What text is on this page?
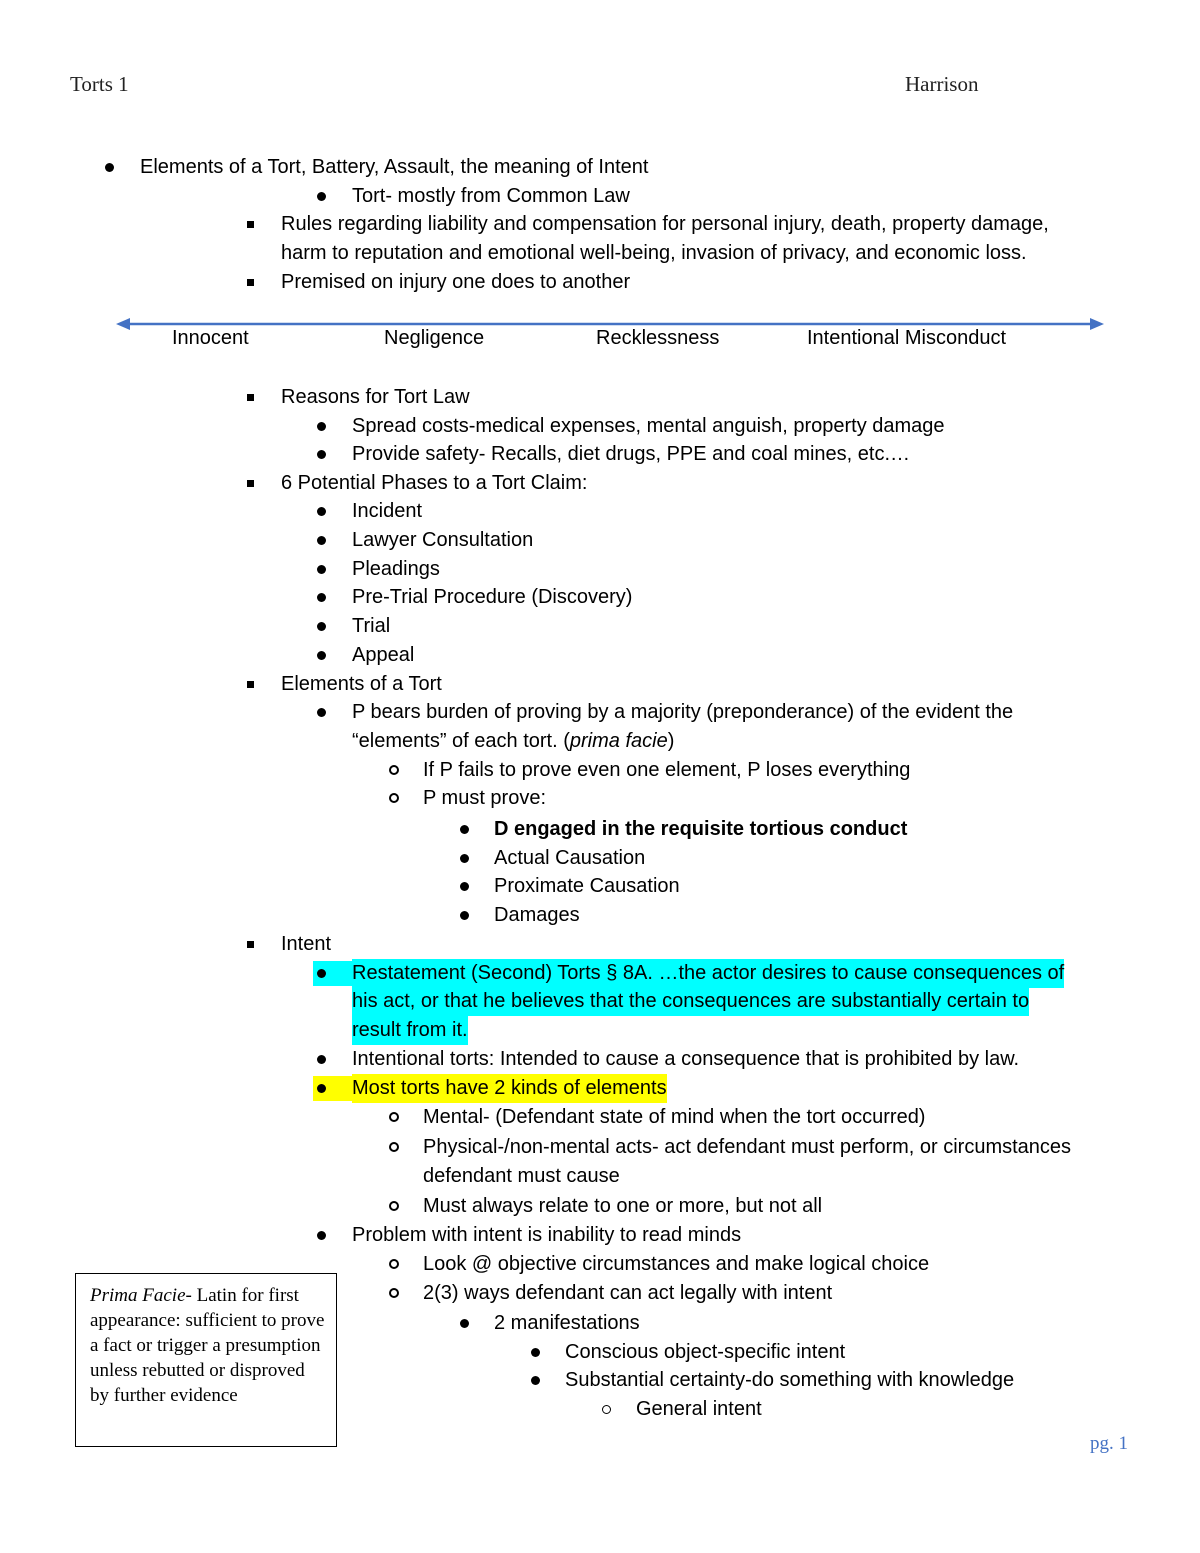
Torts 1	Harrison
Elements of a Tort, Battery, Assault, the meaning of Intent
Tort- mostly from Common Law
Rules regarding liability and compensation for personal injury, death, property damage,
harm to reputation and emotional well-being, invasion of privacy, and economic loss.
Premised on injury one does to another
Reasons for Tort Law
Spread costs-medical expenses, mental anguish, property damage
Provide safety- Recalls, diet drugs, PPE and coal mines, etc.…
6 Potential Phases to a Tort Claim:
Incident
Lawyer Consultation
Pleadings
Pre-Trial Procedure (Discovery)
Trial
Appeal
Elements of a Tort
P bears burden of proving by a majority (preponderance) of the evident the
“elements” of each tort. (prima facie)
If P fails to prove even one element, P loses everything
P must prove:
D engaged in the requisite tortious conduct
Actual Causation
Proximate Causation
Damages
Intent
Restatement (Second) Torts § 8A. …the actor desires to cause consequences of
his act, or that he believes that the consequences are substantially certain to
result from it.
Intentional torts: Intended to cause a consequence that is prohibited by law.
Most torts have 2 kinds of elements
Mental- (Defendant state of mind when the tort occurred)
Physical-/non-mental acts- act defendant must perform, or circumstances
defendant must cause
Must always relate to one or more, but not all
Problem with intent is inability to read minds
Look @ objective circumstances and make logical choice
2(3) ways defendant can act legally with intent
2 manifestations
Conscious object-specific intent
Substantial certainty-do something with knowledge
General intent
Innocent	Negligence	Recklessness	Intentional Misconduct
Prima Facie- Latin for first appearance: sufficient to prove a fact or trigger a presumption unless rebutted or disproved by further evidence
pg. 1
